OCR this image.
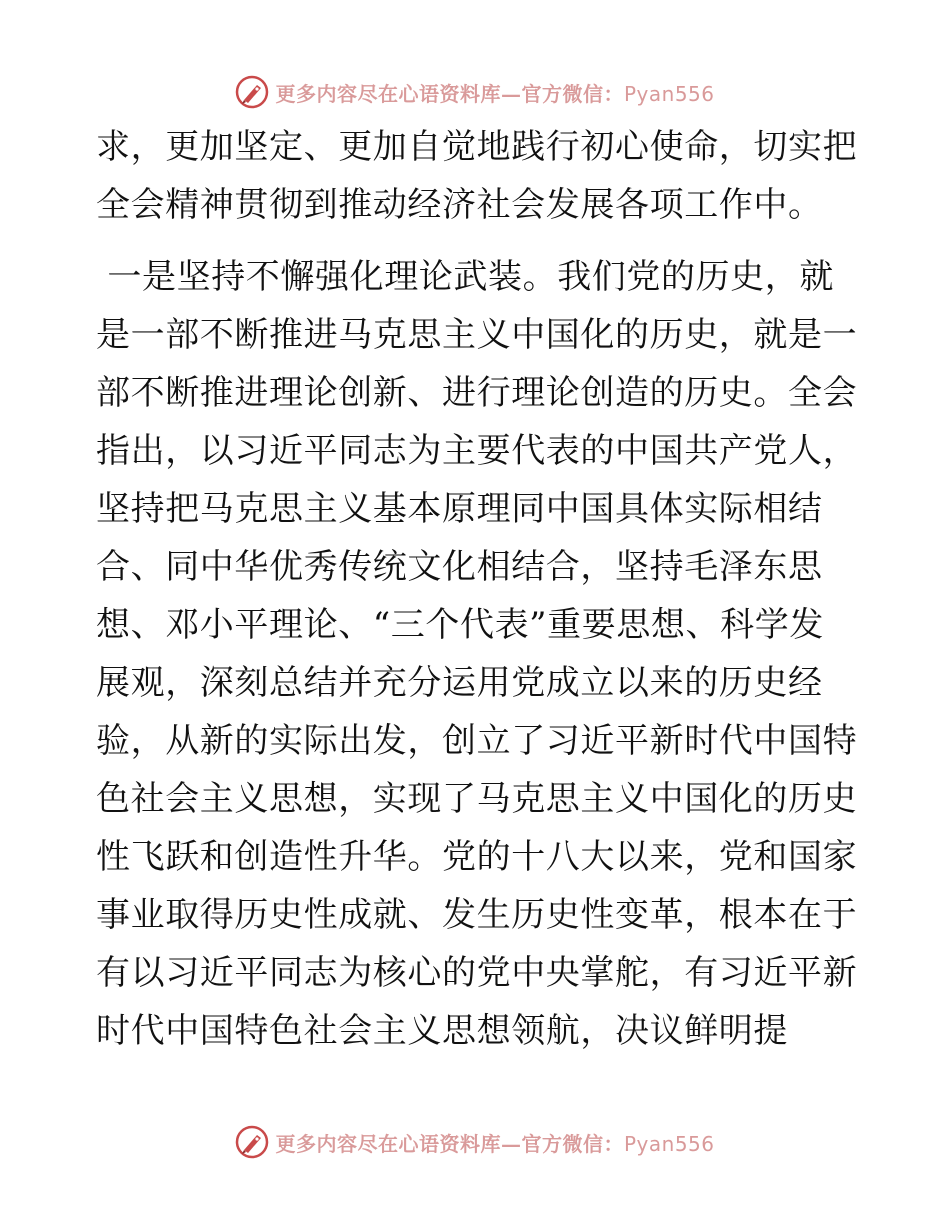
更多内容尽在心语资料库—官方微信：Pyan556
求，更加坚定、更加自觉地践行初心使命，切实把
全会精神贯彻到推动经济社会发展各项工作中。
一是坚持不懈强化理论武装。我们党的历史，就
是一部不断推进马克思主义中国化的历史，就是一
部不断推进理论创新、进行理论创造的历史。全会
指出，以习近平同志为主要代表的中国共产党人，
坚持把马克思主义基本原理同中国具体实际相结
合、同中华优秀传统文化相结合，坚持毛泽东思
想、邓小平理论、“三个代表”重要思想、科学发
展观，深刻总结并充分运用党成立以来的历史经
验，从新的实际出发，创立了习近平新时代中国特
色社会主义思想，实现了马克思主义中国化的历史
性飞跃和创造性升华。党的十八大以来，党和国家
事业取得历史性成就、发生历史性变革，根本在于
有以习近平同志为核心的党中央掌舵，有习近平新
时代中国特色社会主义思想领航，决议鲜明提
更多内容尽在心语资料库—官方微信：Pyan556
